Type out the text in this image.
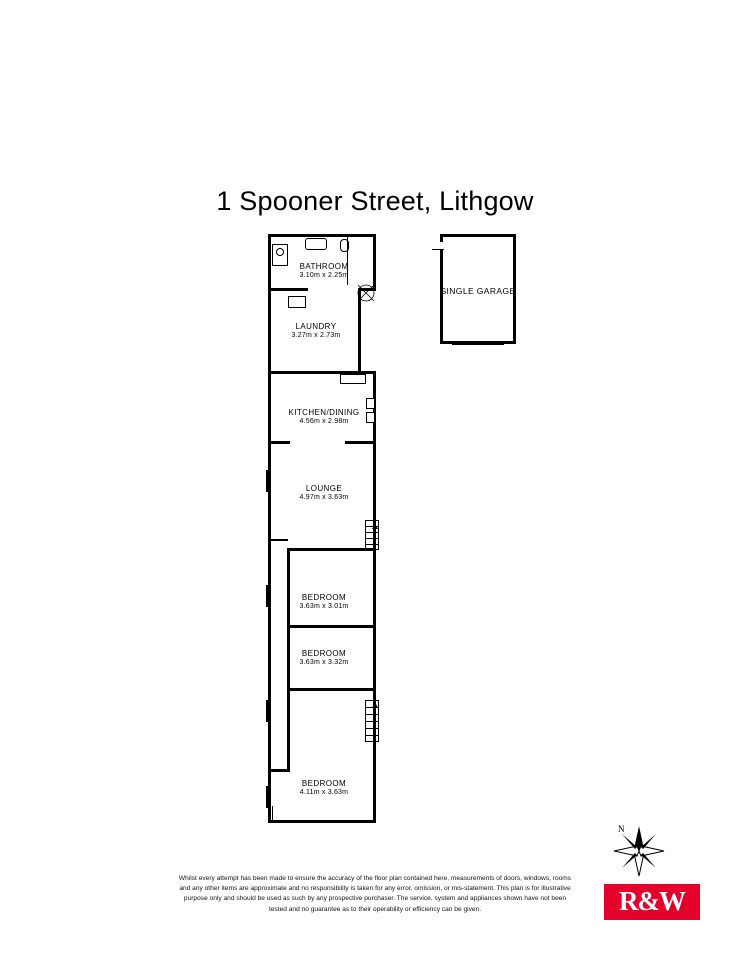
1 Spooner Street, Lithgow
BATHROOM
3.10m x 2.25m
LAUNDRY
3.27m x 2.73m
KITCHEN/DINING
4.56m x 2.98m
LOUNGE
4.97m x 3.63m
BEDROOM
3.63m x 3.01m
BEDROOM
3.63m x 3.32m
BEDROOM
4.11m x 3.63m
SINGLE GARAGE
Whilst every attempt has been made to ensure the accuracy of the floor plan contained here, measurements of doors, windows, rooms and any other items are approximate and no responsibility is taken for any error, omission, or mis-statement. This plan is for illustrative purpose only and should be used as such by any prospective purchaser. The service, system and appliances shown have not been tested and no guarantee as to their operability or efficiency can be given.
N
R&W
